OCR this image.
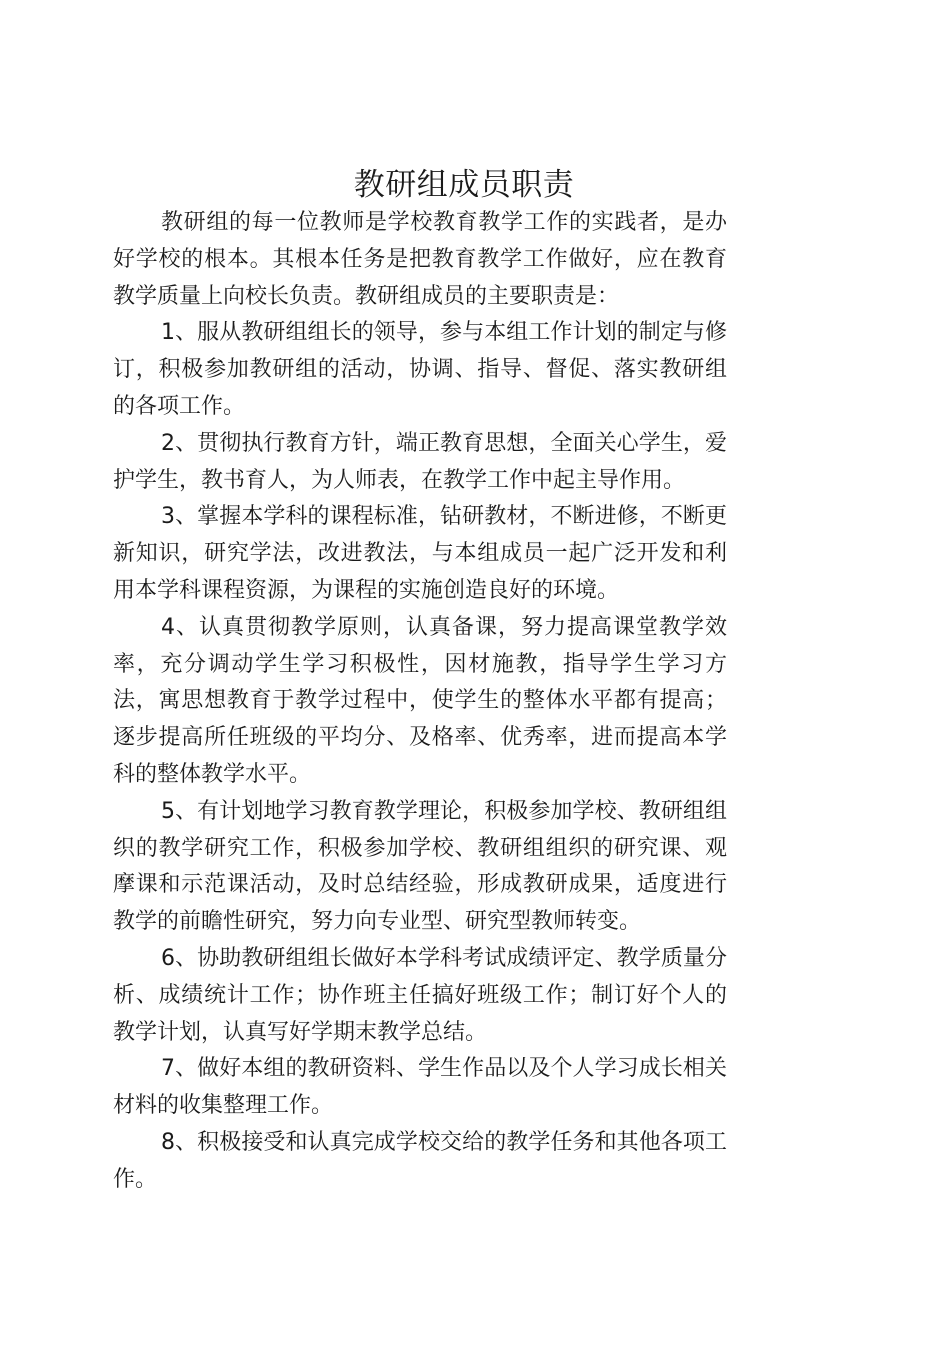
教研组成员职责

教研组的每一位教师是学校教育教学工作的实践者，是办好学校的根本。其根本任务是把教育教学工作做好，应在教育教学质量上向校长负责。教研组成员的主要职责是：

1、服从教研组组长的领导，参与本组工作计划的制定与修订，积极参加教研组的活动，协调、指导、督促、落实教研组的各项工作。

2、贯彻执行教育方针，端正教育思想，全面关心学生，爱护学生，教书育人，为人师表，在教学工作中起主导作用。

3、掌握本学科的课程标准，钻研教材，不断进修，不断更新知识，研究学法，改进教法，与本组成员一起广泛开发和利用本学科课程资源，为课程的实施创造良好的环境。

4、认真贯彻教学原则，认真备课，努力提高课堂教学效率，充分调动学生学习积极性，因材施教，指导学生学习方法，寓思想教育于教学过程中，使学生的整体水平都有提高；逐步提高所任班级的平均分、及格率、优秀率，进而提高本学科的整体教学水平。

5、有计划地学习教育教学理论，积极参加学校、教研组组织的教学研究工作，积极参加学校、教研组组织的研究课、观摩课和示范课活动，及时总结经验，形成教研成果，适度进行教学的前瞻性研究，努力向专业型、研究型教师转变。

6、协助教研组组长做好本学科考试成绩评定、教学质量分析、成绩统计工作；协作班主任搞好班级工作；制订好个人的教学计划，认真写好学期末教学总结。

7、做好本组的教研资料、学生作品以及个人学习成长相关材料的收集整理工作。

8、积极接受和认真完成学校交给的教学任务和其他各项工作。
